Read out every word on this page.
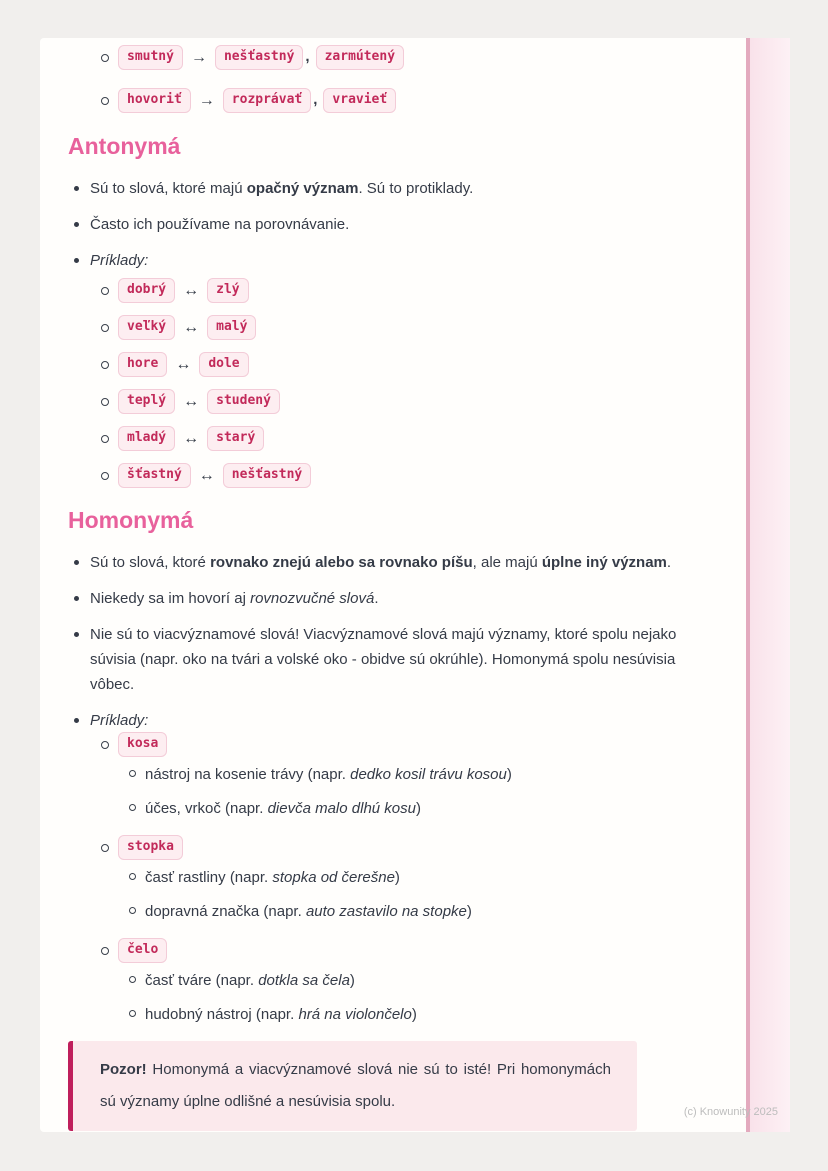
smutný	→	nešťastný ,	zarmútený
hovoriť	→	rozprávať ,	vravieť
Antonymá

Sú to slová, ktoré majú opačný význam. Sú to protiklady.

Často ich používame na porovnávanie.

Príklady:

dobrý	↔	zlý
veľký	↔	malý
hore	↔	dole
teplý	↔	studený
mladý	↔	starý
šťastný	↔	nešťastný
Homonymá

Sú to slová, ktoré rovnako znejú alebo sa rovnako píšu, ale majú úplne iný význam.

Niekedy sa im hovorí aj rovnozvučné slová.

Nie sú to viacvýznamové slová! Viacvýznamové slová majú významy, ktoré spolu nejako súvisia (napr. oko na tvári a volské oko - obidve sú okrúhle). Homonymá spolu nesúvisia vôbec.

Príklady:

kosa

nástroj na kosenie trávy (napr. dedko kosil trávu kosou)

účes, vrkoč (napr. dievča malo dlhú kosu)

stopka

časť rastliny (napr. stopka od čerešne)

dopravná značka (napr. auto zastavilo na stopke)

čelo

časť tváre (napr. dotkla sa čela)

hudobný nástroj (napr. hrá na violončelo)

Pozor! Homonymá a viacvýznamové slová nie sú to isté! Pri homonymách sú významy úplne odlišné a nesúvisia spolu.

(c) Knowunity 2025
